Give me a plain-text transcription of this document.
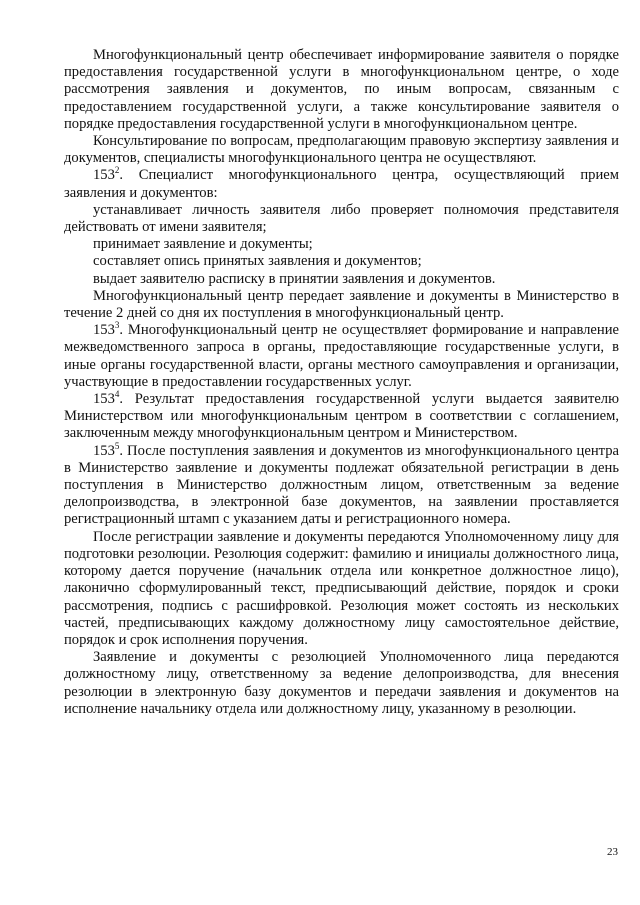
Многофункциональный центр обеспечивает информирование заявителя о порядке предоставления государственной услуги в многофункциональном центре, о ходе рассмотрения заявления и документов, по иным вопросам, связанным с предоставлением государственной услуги, а также консультирование заявителя о порядке предоставления государственной услуги в многофункциональном центре.

Консультирование по вопросам, предполагающим правовую экспертизу заявления и документов, специалисты многофункционального центра не осуществляют.

$153^2$. Специалист многофункционального центра, осуществляющий прием заявления и документов:

устанавливает личность заявителя либо проверяет полномочия представителя действовать от имени заявителя;

принимает заявление и документы;

составляет опись принятых заявления и документов;

выдает заявителю расписку в принятии заявления и документов.

Многофункциональный центр передает заявление и документы в Министерство в течение 2 дней со дня их поступления в многофункциональный центр.

$153^3$. Многофункциональный центр не осуществляет формирование и направление межведомственного запроса в органы, предоставляющие государственные услуги, в иные органы государственной власти, органы местного самоуправления и организации, участвующие в предоставлении государственных услуг.

$153^4$. Результат предоставления государственной услуги выдается заявителю Министерством или многофункциональным центром в соответствии с соглашением, заключенным между многофункциональным центром и Министерством.

$153^5$. После поступления заявления и документов из многофункционального центра в Министерство заявление и документы подлежат обязательной регистрации в день поступления в Министерство должностным лицом, ответственным за ведение делопроизводства, в электронной базе документов, на заявлении проставляется регистрационный штамп с указанием даты и регистрационного номера.

После регистрации заявление и документы передаются Уполномоченному лицу для подготовки резолюции. Резолюция содержит: фамилию и инициалы должностного лица, которому дается поручение (начальник отдела или конкретное должностное лицо), лаконично сформулированный текст, предписывающий действие, порядок и сроки рассмотрения, подпись с расшифровкой. Резолюция может состоять из нескольких частей, предписывающих каждому должностному лицу самостоятельное действие, порядок и срок исполнения поручения.

Заявление и документы с резолюцией Уполномоченного лица передаются должностному лицу, ответственному за ведение делопроизводства, для внесения резолюции в электронную базу документов и передачи заявления и документов на исполнение начальнику отдела или должностному лицу, указанному в резолюции.

23
